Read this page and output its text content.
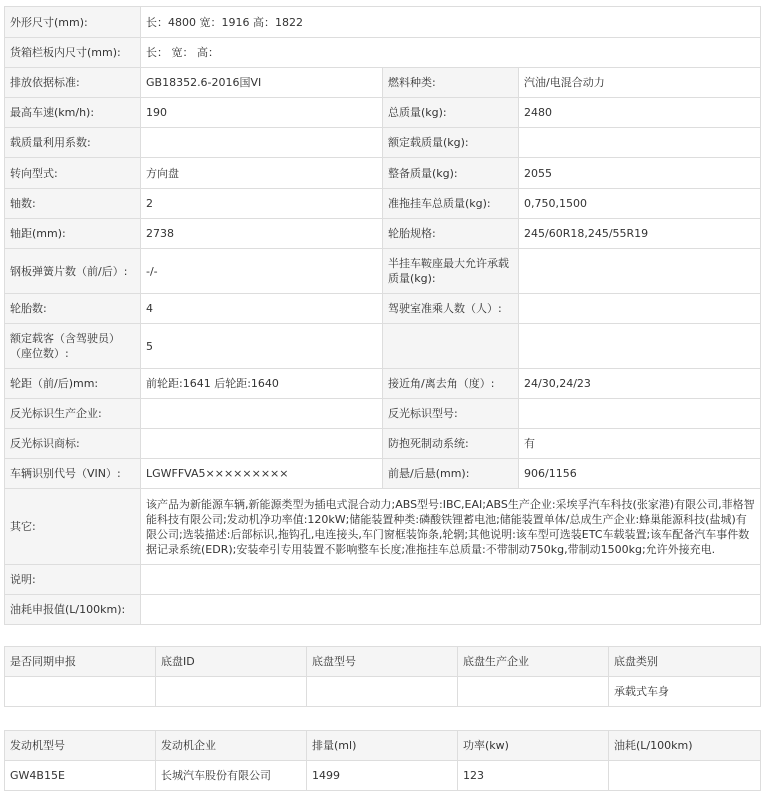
外形尺寸(mm):	长：4800 宽：1916 高：1822		
货箱栏板内尺寸(mm):	长： 宽： 高：		
排放依据标准:	GB18352.6-2016国VI	燃料种类:	汽油/电混合动力
最高车速(km/h):	190	总质量(kg):	2480
载质量利用系数:		额定载质量(kg):	
转向型式:	方向盘	整备质量(kg):	2055
轴数:	2	准拖挂车总质量(kg):	0,750,1500
轴距(mm):	2738	轮胎规格:	245/60R18,245/55R19
钢板弹簧片数（前/后）:	-/-	半挂车鞍座最大允许承载质量(kg):	
轮胎数:	4	驾驶室准乘人数（人）:	
额定载客（含驾驶员）（座位数）:	5		
轮距（前/后)mm:	前轮距:1641 后轮距:1640	接近角/离去角（度）:	24/30,24/23
反光标识生产企业:		反光标识型号:	
反光标识商标:		防抱死制动系统:	有
车辆识别代号（VIN）:	LGWFFVA5×××××××××	前悬/后悬(mm):	906/1156
其它:	该产品为新能源车辆,新能源类型为插电式混合动力;ABS型号:IBC,EAI;ABS生产企业:采埃孚汽车科技(张家港)有限公司,菲格智能科技有限公司;发动机净功率值:120kW;储能装置种类:磷酸铁锂蓄电池;储能装置单体/总成生产企业:蜂巢能源科技(盐城)有限公司;选装描述:后部标识,拖钩孔,电连接头,车门窗框装饰条,轮辋;其他说明:该车型可选装ETC车载装置;该车配备汽车事件数据记录系统(EDR);安装牵引专用装置不影响整车长度;准拖挂车总质量:不带制动750kg,带制动1500kg;允许外接充电.		
说明:			
油耗申报值(L/100km):			
是否同期申报	底盘ID	底盘型号	底盘生产企业	底盘类别
				承载式车身
发动机型号	发动机企业	排量(ml)	功率(kw)	油耗(L/100km)
GW4B15E	长城汽车股份有限公司	1499	123	
